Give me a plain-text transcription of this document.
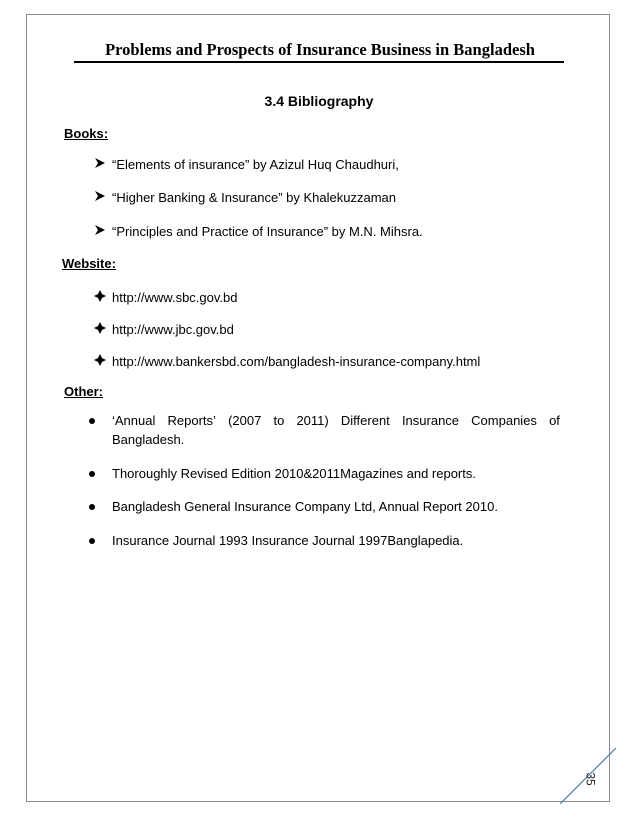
Problems and Prospects of Insurance Business in Bangladesh
3.4 Bibliography
Books:
“Elements of insurance” by Azizul Huq Chaudhuri,
“Higher Banking & Insurance” by Khalekuzzaman
“Principles and Practice of Insurance” by M.N. Mihsra.
Website:
http://www.sbc.gov.bd
http://www.jbc.gov.bd
http://www.bankersbd.com/bangladesh-insurance-company.html
Other:
‘Annual Reports’ (2007 to 2011) Different Insurance Companies of
Bangladesh.
Thoroughly Revised Edition 2010&2011Magazines and reports.
Bangladesh General Insurance Company Ltd, Annual Report 2010.
Insurance Journal 1993 Insurance Journal 1997Banglapedia.
35
